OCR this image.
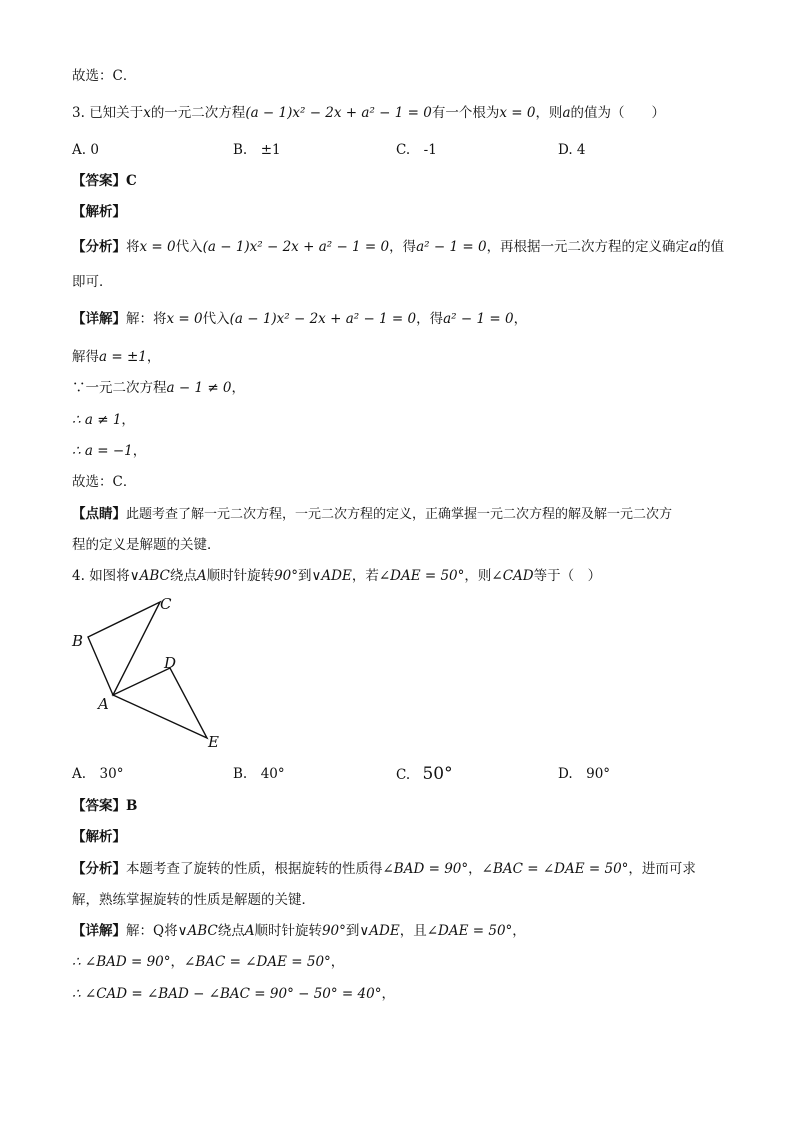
故选：C．
3. 已知关于x的一元二次方程(a − 1)x² − 2x + a² − 1 = 0有一个根为x = 0，则a的值为（　　）
A. 0	B.　±1	C.　-1	D. 4
【答案】C
【解析】
【分析】将x = 0代入(a − 1)x² − 2x + a² − 1 = 0，得a² − 1 = 0，再根据一元二次方程的定义确定a的值
即可．
【详解】解：将x = 0代入(a − 1)x² − 2x + a² − 1 = 0，得a² − 1 = 0，
解得a = ±1，
∵一元二次方程a − 1 ≠ 0，
∴ a ≠ 1，
∴ a = −1，
故选：C．
【点睛】此题考查了解一元二次方程，一元二次方程的定义，正确掌握一元二次方程的解及解一元二次方
程的定义是解题的关键．
4. 如图将∨ABC绕点A顺时针旋转90°到∨ADE，若∠DAE = 50°，则∠CAD等于（　）
C
B
D
A
E
A.　30°	B.　40°	C. 50°	D.　90°
【答案】B
【解析】
【分析】本题考查了旋转的性质，根据旋转的性质得∠BAD = 90°，∠BAC = ∠DAE = 50°，进而可求
解，熟练掌握旋转的性质是解题的关键．
【详解】解：Q将∨ABC绕点A顺时针旋转90°到∨ADE，且∠DAE = 50°，
∴ ∠BAD = 90°，∠BAC = ∠DAE = 50°，
∴ ∠CAD = ∠BAD − ∠BAC = 90° − 50° = 40°，
